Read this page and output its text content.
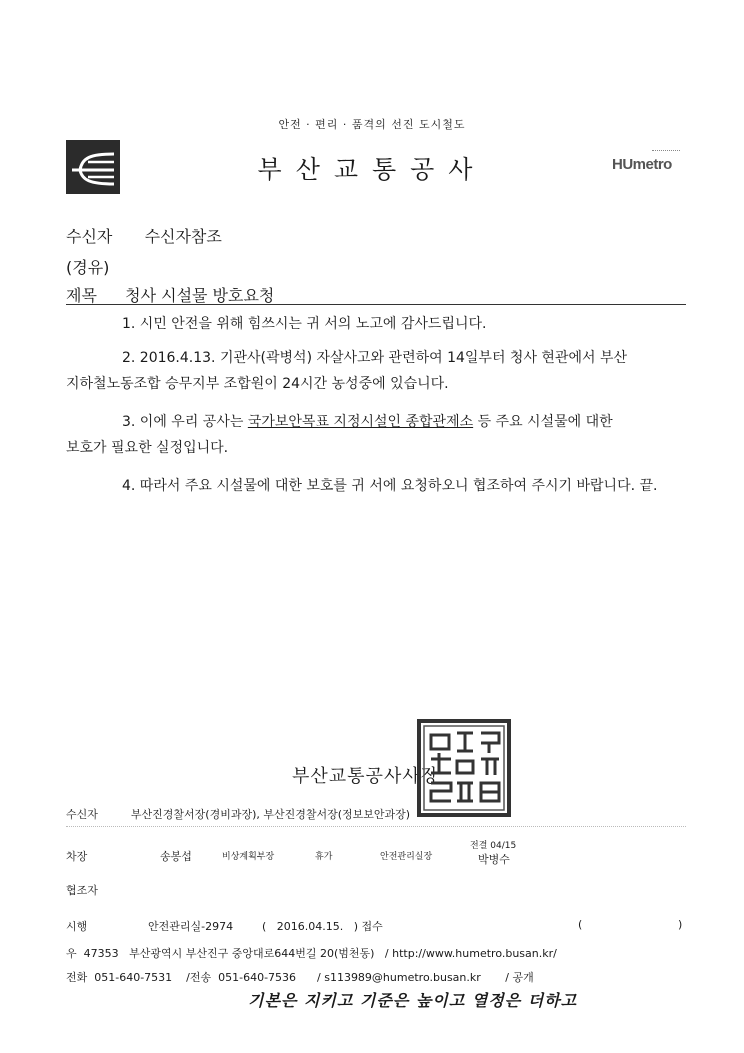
안전 · 편리 · 품격의 선진 도시철도
부산교통공사	HUmetro
수신자 수신자참조
(경유)
제목 청사 시설물 방호요청
1. 시민 안전을 위해 힘쓰시는 귀 서의 노고에 감사드립니다.
2. 2016.4.13. 기관사(곽병석) 자살사고와 관련하여 14일부터 청사 현관에서 부산
지하철노동조합 승무지부 조합원이 24시간 농성중에 있습니다.
3. 이에 우리 공사는 국가보안목표 지정시설인 종합관제소 등 주요 시설물에 대한
보호가 필요한 실정입니다.
4. 따라서 주요 시설물에 대한 보호를 귀 서에 요청하오니 협조하여 주시기 바랍니다. 끝.
부산교통공사사장
수신자	부산진경찰서장(경비과장), 부산진경찰서장(정보보안과장)
차장	송봉섭	비상계획부장	휴가	안전관리실장
전결 04/15
박병수
협조자
시행	안전관리실-2974	(   2016.04.15.   ) 접수	(	)
우  47353   부산광역시 부산진구 중앙대로644번길 20(범천동)   / http://www.humetro.busan.kr/
전화  051-640-7531    /전송  051-640-7536      / s113989@humetro.busan.kr       / 공개
기본은 지키고 기준은 높이고 열정은 더하고
